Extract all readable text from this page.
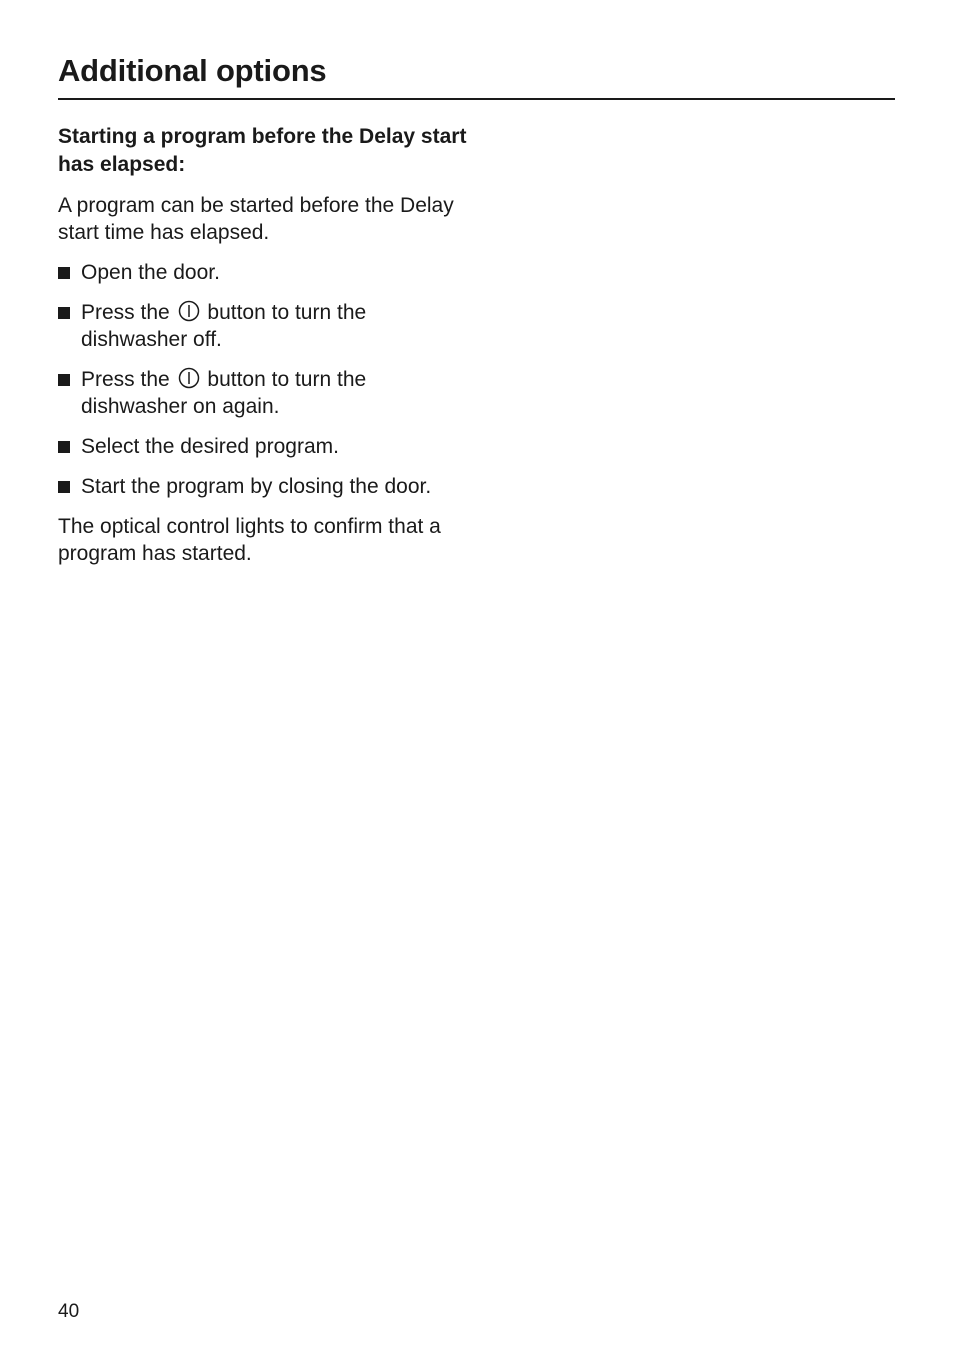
Additional options
Starting a program before the Delay start has elapsed:

A program can be started before the Delay start time has elapsed.

Open the door.
Press the button to turn the dishwasher off.
Press the button to turn the dishwasher on again.
Select the desired program.
Start the program by closing the door.

The optical control lights to confirm that a program has started.

40
